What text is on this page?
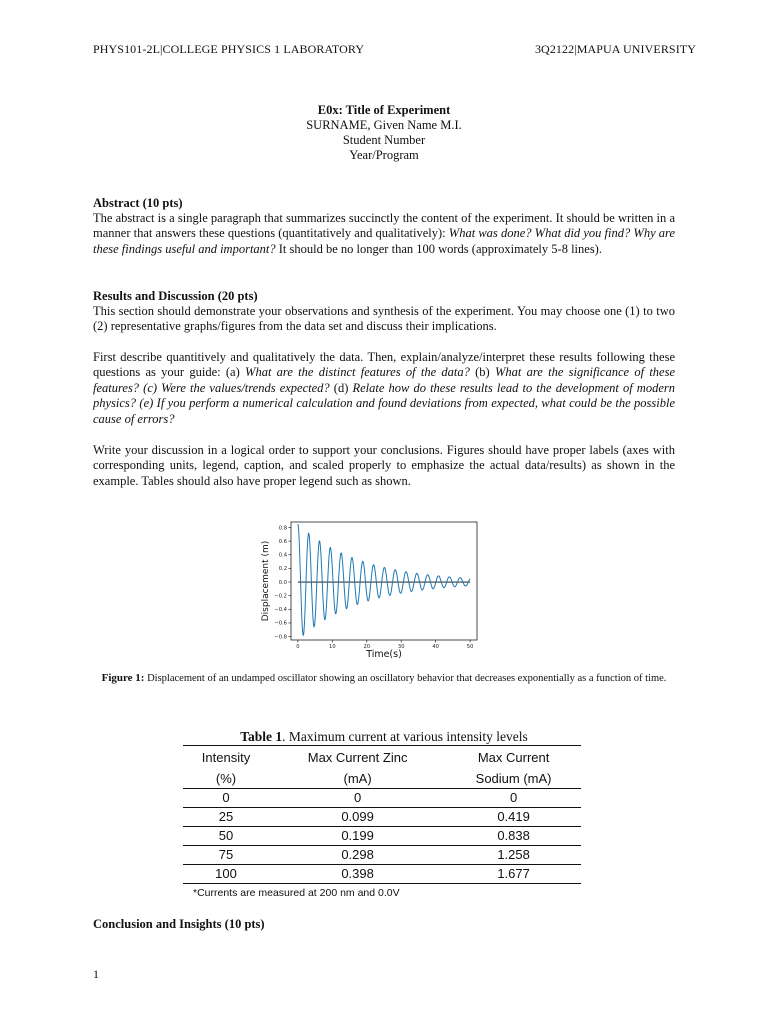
PHYS101-2L|COLLEGE PHYSICS 1 LABORATORY	3Q2122|MAPUA UNIVERSITY
E0x: Title of Experiment
SURNAME, Given Name M.I.
Student Number
Year/Program
Abstract (10 pts)
The abstract is a single paragraph that summarizes succinctly the content of the experiment. It should be written in a manner that answers these questions (quantitatively and qualitatively): What was done? What did you find? Why are these findings useful and important? It should be no longer than 100 words (approximately 5-8 lines).
Results and Discussion (20 pts)
This section should demonstrate your observations and synthesis of the experiment. You may choose one (1) to two (2) representative graphs/figures from the data set and discuss their implications.
First describe quantitively and qualitatively the data. Then, explain/analyze/interpret these results following these questions as your guide: (a) What are the distinct features of the data? (b) What are the significance of these features? (c) Were the values/trends expected? (d) Relate how do these results lead to the development of modern physics? (e) If you perform a numerical calculation and found deviations from expected, what could be the possible cause of errors?
Write your discussion in a logical order to support your conclusions. Figures should have proper labels (axes with corresponding units, legend, caption, and scaled properly to emphasize the actual data/results) as shown in the example. Tables should also have proper legend such as shown.
0	10	20	30	40	50
0.8
0.6
0.4
0.2
0.0
−0.2
−0.4
−0.6
−0.8
Time(s)
Displacement (m)
Figure 1: Displacement of an undamped oscillator showing an oscillatory behavior that decreases exponentially as a function of time.
Table 1. Maximum current at various intensity levels
Intensity	Max Current Zinc	Max Current
(%)	(mA)	Sodium (mA)
0	0	0
25	0.099	0.419
50	0.199	0.838
75	0.298	1.258
100	0.398	1.677
*Currents are measured at 200 nm and 0.0V
Conclusion and Insights (10 pts)
1
